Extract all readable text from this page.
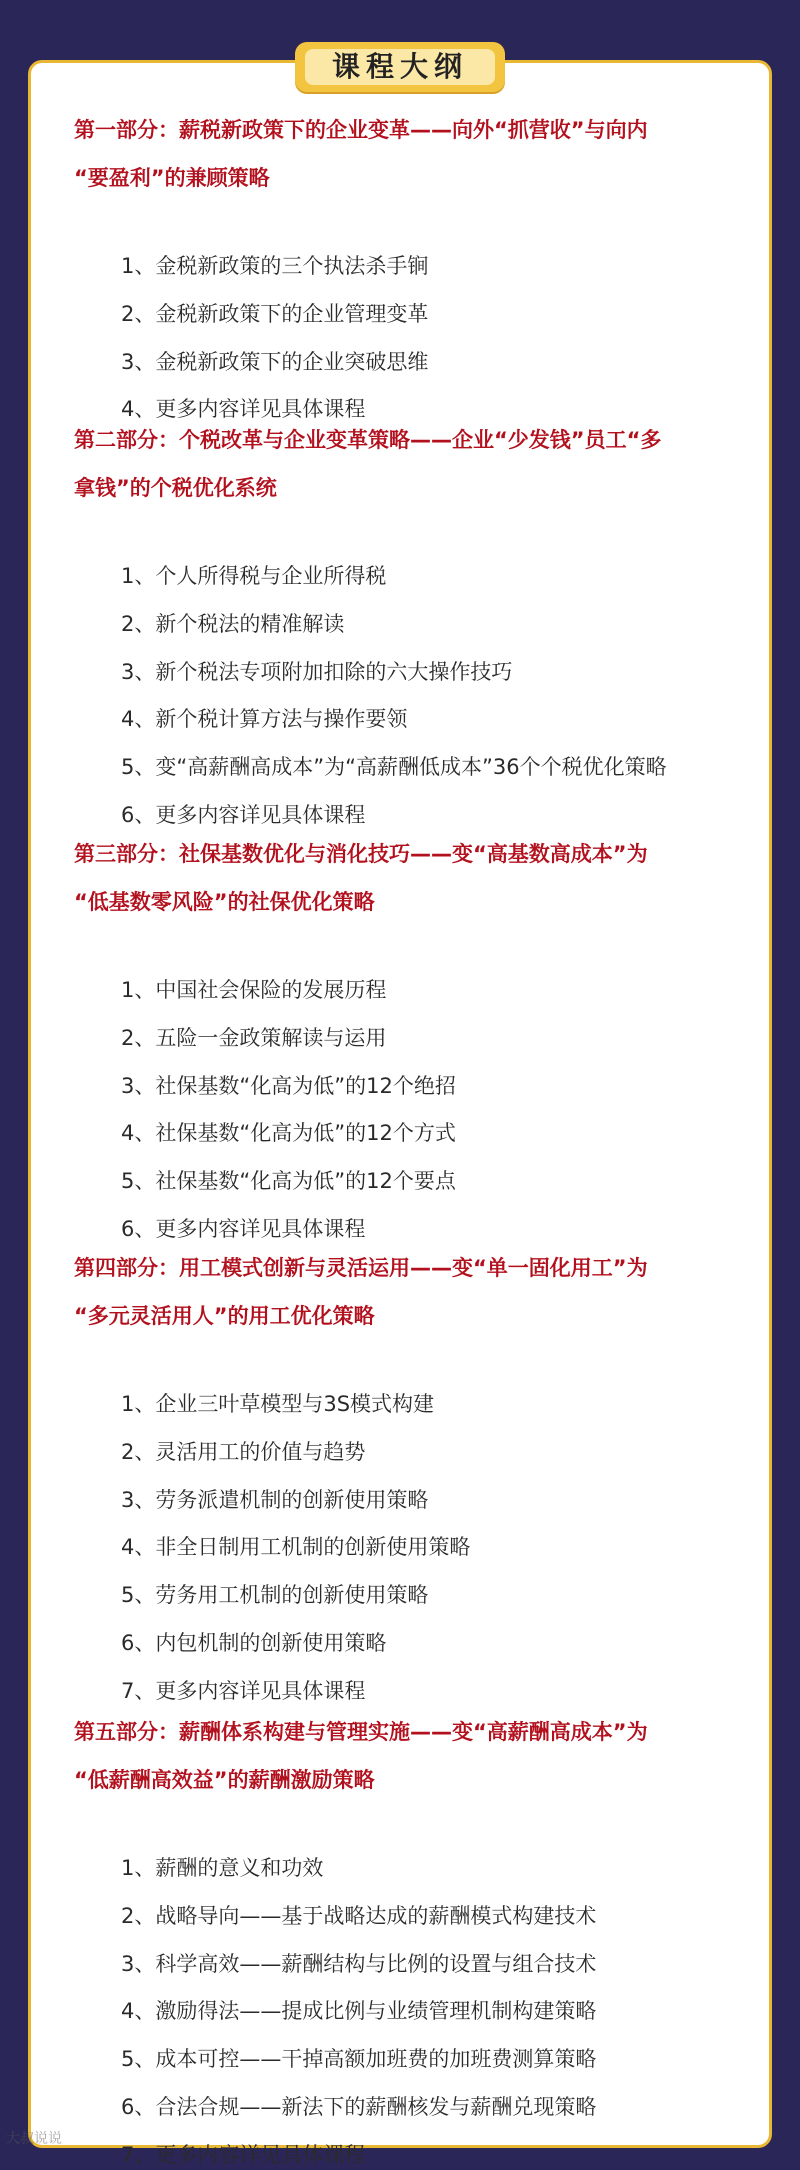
课程大纲
第一部分：薪税新政策下的企业变革——向外“抓营收”与向内
“要盈利”的兼顾策略
1、金税新政策的三个执法杀手锏
2、金税新政策下的企业管理变革
3、金税新政策下的企业突破思维
4、更多内容详见具体课程
第二部分：个税改革与企业变革策略——企业“少发钱”员工“多
拿钱”的个税优化系统
1、个人所得税与企业所得税
2、新个税法的精准解读
3、新个税法专项附加扣除的六大操作技巧
4、新个税计算方法与操作要领
5、变“高薪酬高成本”为“高薪酬低成本”36个个税优化策略
6、更多内容详见具体课程
第三部分：社保基数优化与消化技巧——变“高基数高成本”为
“低基数零风险”的社保优化策略
1、中国社会保险的发展历程
2、五险一金政策解读与运用
3、社保基数“化高为低”的12个绝招
4、社保基数“化高为低”的12个方式
5、社保基数“化高为低”的12个要点
6、更多内容详见具体课程
第四部分：用工模式创新与灵活运用——变“单一固化用工”为
“多元灵活用人”的用工优化策略
1、企业三叶草模型与3S模式构建
2、灵活用工的价值与趋势
3、劳务派遣机制的创新使用策略
4、非全日制用工机制的创新使用策略
5、劳务用工机制的创新使用策略
6、内包机制的创新使用策略
7、更多内容详见具体课程
第五部分：薪酬体系构建与管理实施——变“高薪酬高成本”为
“低薪酬高效益”的薪酬激励策略
1、薪酬的意义和功效
2、战略导向——基于战略达成的薪酬模式构建技术
3、科学高效——薪酬结构与比例的设置与组合技术
4、激励得法——提成比例与业绩管理机制构建策略
5、成本可控——干掉高额加班费的加班费测算策略
6、合法合规——新法下的薪酬核发与薪酬兑现策略
7、更多内容详见具体课程
大叔说说
